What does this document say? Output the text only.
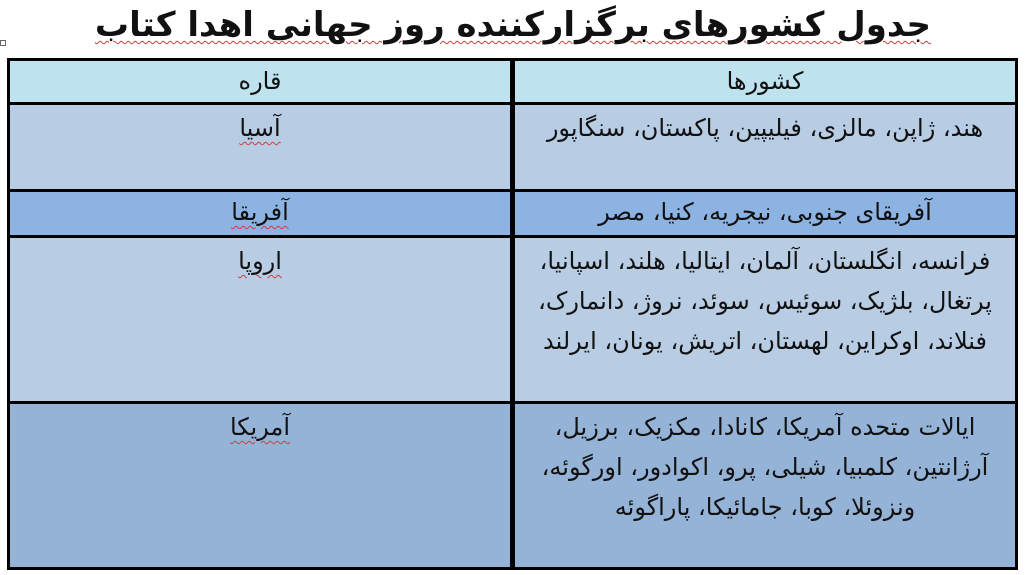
جدول کشورهای برگزارکننده روز جهانی اهدا کتاب
کشورها
قاره
هند، ژاپن، مالزی، فیلیپین، پاکستان، سنگاپور
آسیا
آفریقای جنوبی، نیجریه، کنیا، مصر
آفریقا
فرانسه، انگلستان، آلمان، ایتالیا، هلند، اسپانیا، پرتغال، بلژیک، سوئیس، سوئد، نروژ، دانمارک، فنلاند، اوکراین، لهستان، اتریش، یونان، ایرلند
اروپا
ایالات متحده آمریکا، کانادا، مکزیک، برزیل، آرژانتین، کلمبیا، شیلی، پرو، اکوادور، اورگوئه، ونزوئلا، کوبا، جامائیکا، پاراگوئه
آمریکا
